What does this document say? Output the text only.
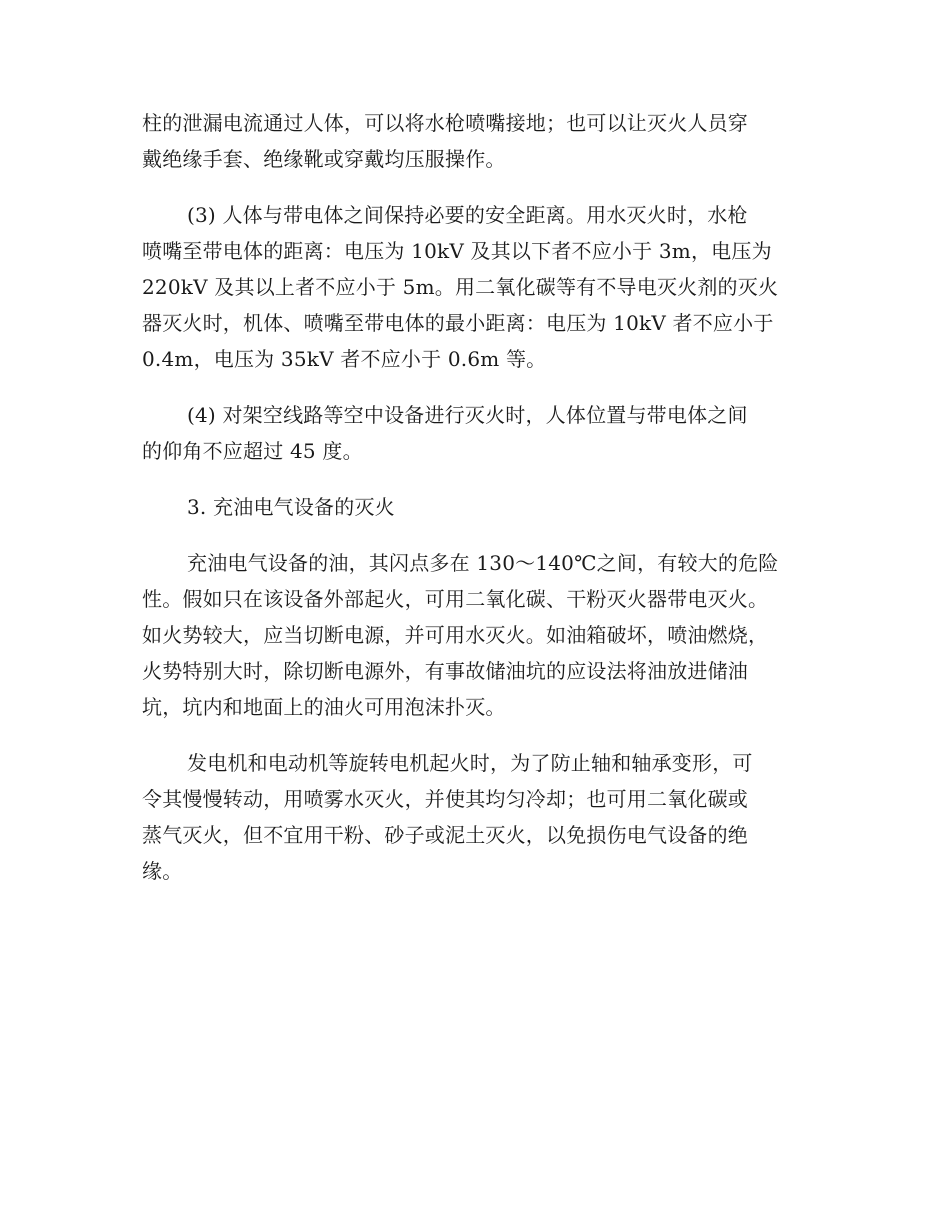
柱的泄漏电流通过人体，可以将水枪喷嘴接地；也可以让灭火人员穿
戴绝缘手套、绝缘靴或穿戴均压服操作。
(3) 人体与带电体之间保持必要的安全距离。用水灭火时，水枪
喷嘴至带电体的距离：电压为 10kV 及其以下者不应小于 3m，电压为
220kV 及其以上者不应小于 5m。用二氧化碳等有不导电灭火剂的灭火
器灭火时，机体、喷嘴至带电体的最小距离：电压为 10kV 者不应小于
0.4m，电压为 35kV 者不应小于 0.6m 等。
(4) 对架空线路等空中设备进行灭火时，人体位置与带电体之间
的仰角不应超过 45 度。
3. 充油电气设备的灭火
充油电气设备的油，其闪点多在 130～140℃之间，有较大的危险
性。假如只在该设备外部起火，可用二氧化碳、干粉灭火器带电灭火。
如火势较大，应当切断电源，并可用水灭火。如油箱破坏，喷油燃烧，
火势特别大时，除切断电源外，有事故储油坑的应设法将油放进储油
坑，坑内和地面上的油火可用泡沫扑灭。
发电机和电动机等旋转电机起火时，为了防止轴和轴承变形，可
令其慢慢转动，用喷雾水灭火，并使其均匀冷却；也可用二氧化碳或
蒸气灭火，但不宜用干粉、砂子或泥土灭火，以免损伤电气设备的绝
缘。
